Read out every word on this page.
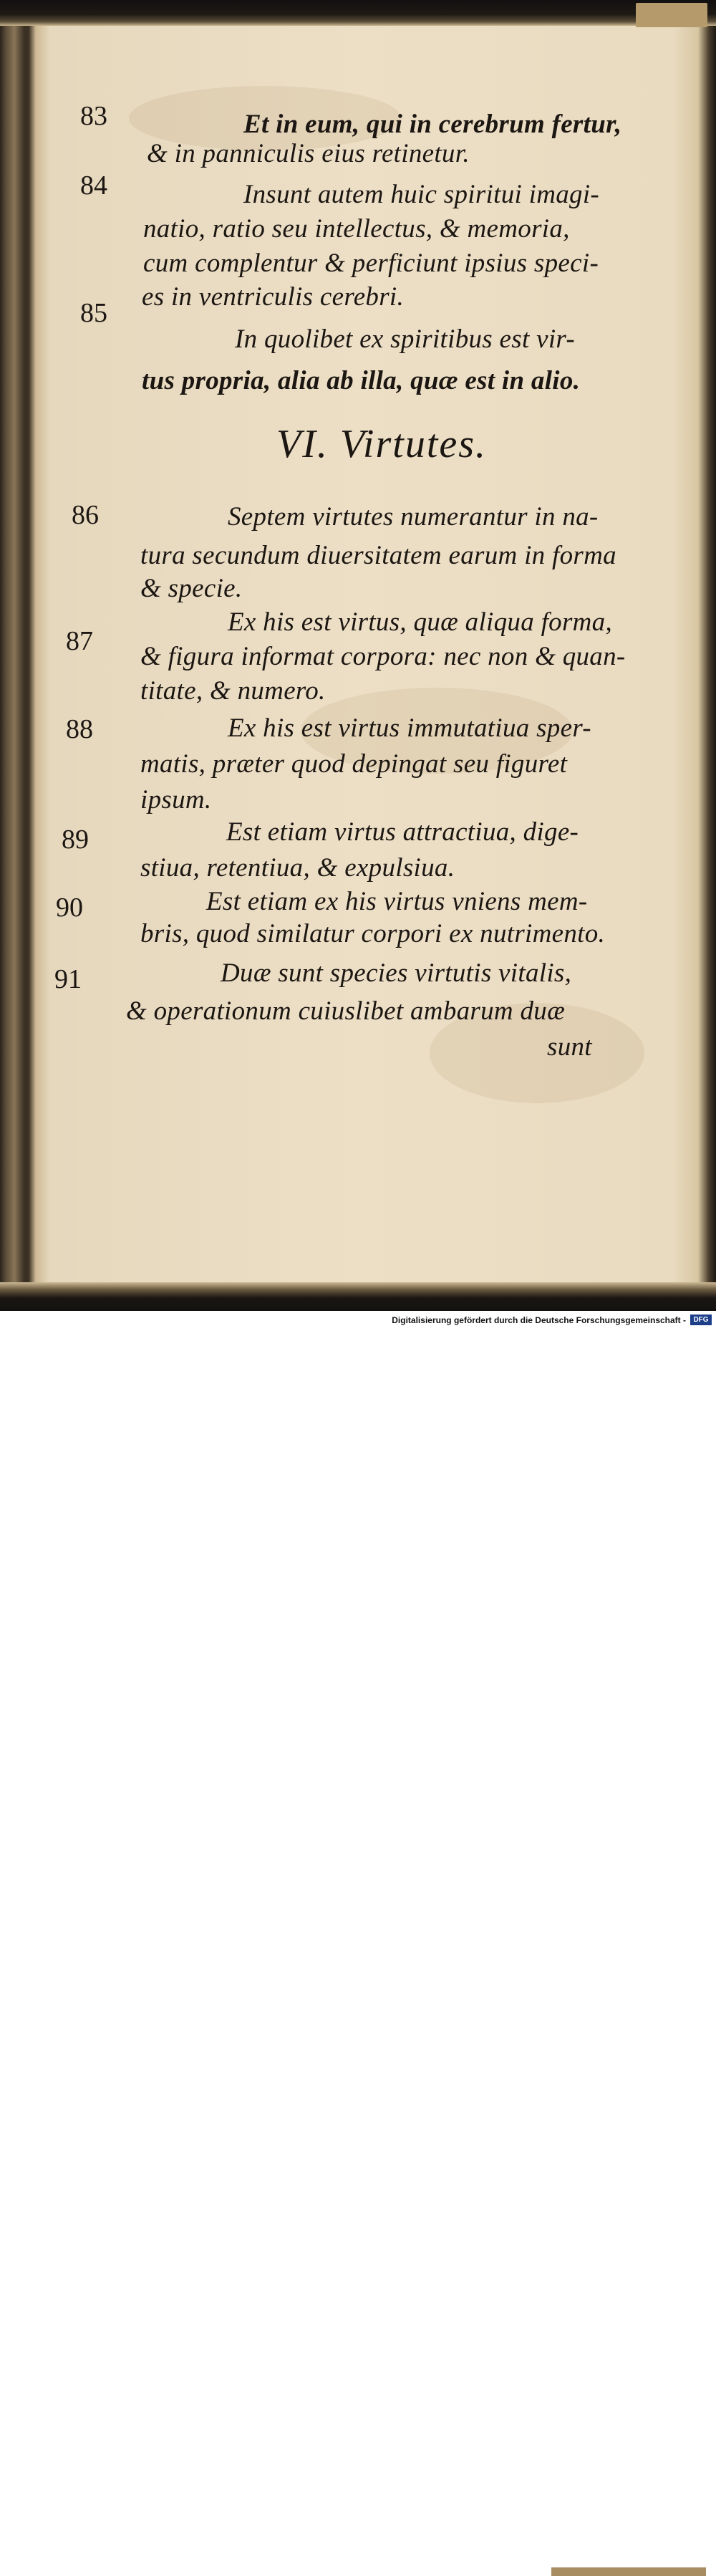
83	Et in eum, qui in cerebrum fertur,
& in panniculis eius retinetur.
84	Insunt autem huic spiritui imagi-
natio, ratio seu intellectus, & memoria,
cum complentur & perficiunt ipsius speci-
es in ventriculis cerebri.
85
In quolibet ex spiritibus est vir-
tus propria, alia ab illa, quæ est in alio.
VI. Virtutes.
86	Septem virtutes numerantur in na-
tura secundum diuersitatem earum in forma
& specie.
87
Ex his est virtus, quæ aliqua forma,
& figura informat corpora: nec non & quan-
titate, & numero.
88	Ex his est virtus immutatiua sper-
matis, præter quod depingat seu figuret
ipsum.
89	Est etiam virtus attractiua, dige-
stiua, retentiua, & expulsiua.
90	Est etiam ex his virtus vniens mem-
bris, quod similatur corpori ex nutrimento.
91	Duæ sunt species virtutis vitalis,
& operationum cuiuslibet ambarum duæ
sunt
Digitalisierung gefördert durch die Deutsche Forschungsgemeinschaft -	DFG
